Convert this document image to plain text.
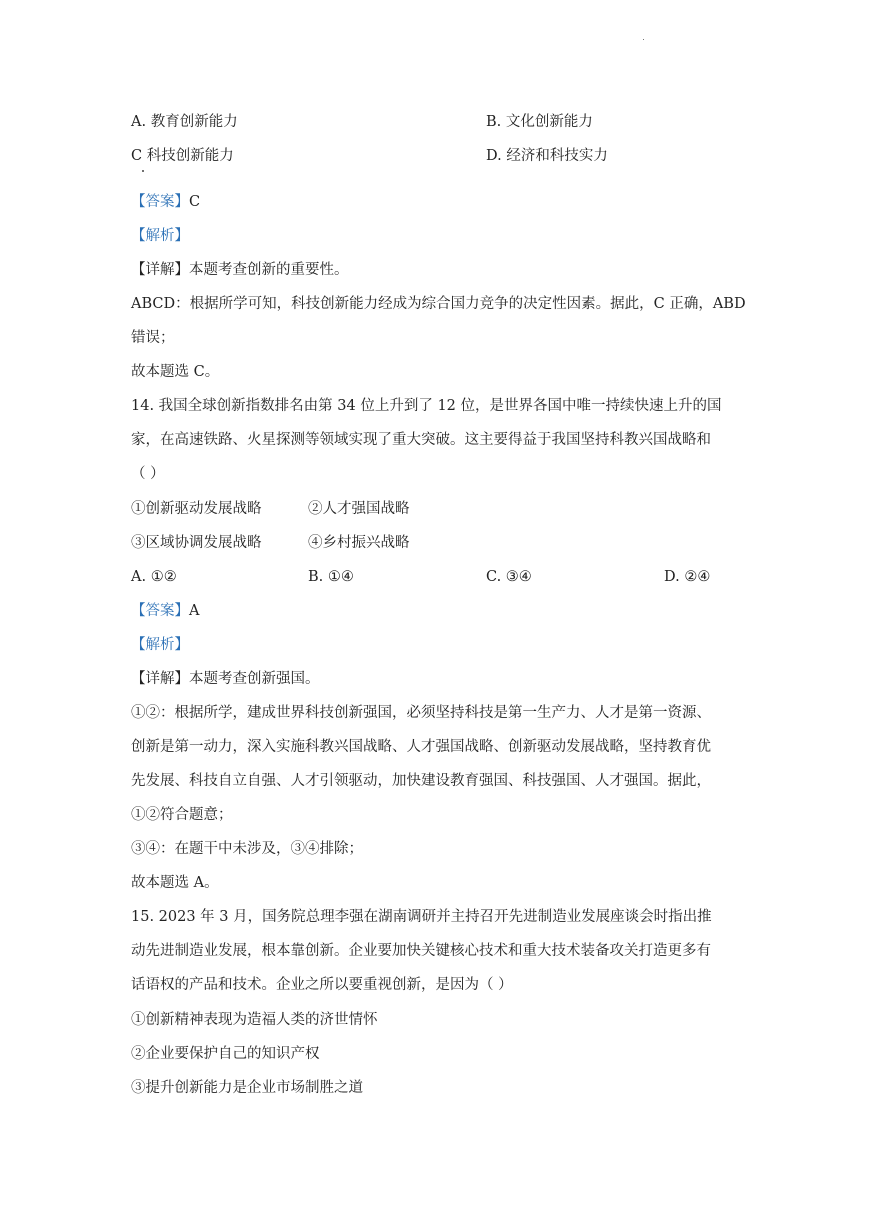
A. 教育创新能力	B. 文化创新能力
C 科技创新能力	D. 经济和科技实力
【答案】C
【解析】
【详解】本题考查创新的重要性。
ABCD：根据所学可知，科技创新能力经成为综合国力竞争的决定性因素。据此，C 正确，ABD
错误；
故本题选 C。
14. 我国全球创新指数排名由第 34 位上升到了 12 位，是世界各国中唯一持续快速上升的国
家，在高速铁路、火星探测等领域实现了重大突破。这主要得益于我国坚持科教兴国战略和
（ ）
①创新驱动发展战略	②人才强国战略
③区域协调发展战略	④乡村振兴战略
A. ①②	B. ①④	C. ③④	D. ②④
【答案】A
【解析】
【详解】本题考查创新强国。
①②：根据所学，建成世界科技创新强国，必须坚持科技是第一生产力、人才是第一资源、
创新是第一动力，深入实施科教兴国战略、人才强国战略、创新驱动发展战略，坚持教育优
先发展、科技自立自强、人才引领驱动，加快建设教育强国、科技强国、人才强国。据此，
①②符合题意；
③④：在题干中未涉及，③④排除；
故本题选 A。
15. 2023 年 3 月，国务院总理李强在湖南调研并主持召开先进制造业发展座谈会时指出推
动先进制造业发展，根本靠创新。企业要加快关键核心技术和重大技术装备攻关打造更多有
话语权的产品和技术。企业之所以要重视创新，是因为（ ）
①创新精神表现为造福人类的济世情怀
②企业要保护自己的知识产权
③提升创新能力是企业市场制胜之道
